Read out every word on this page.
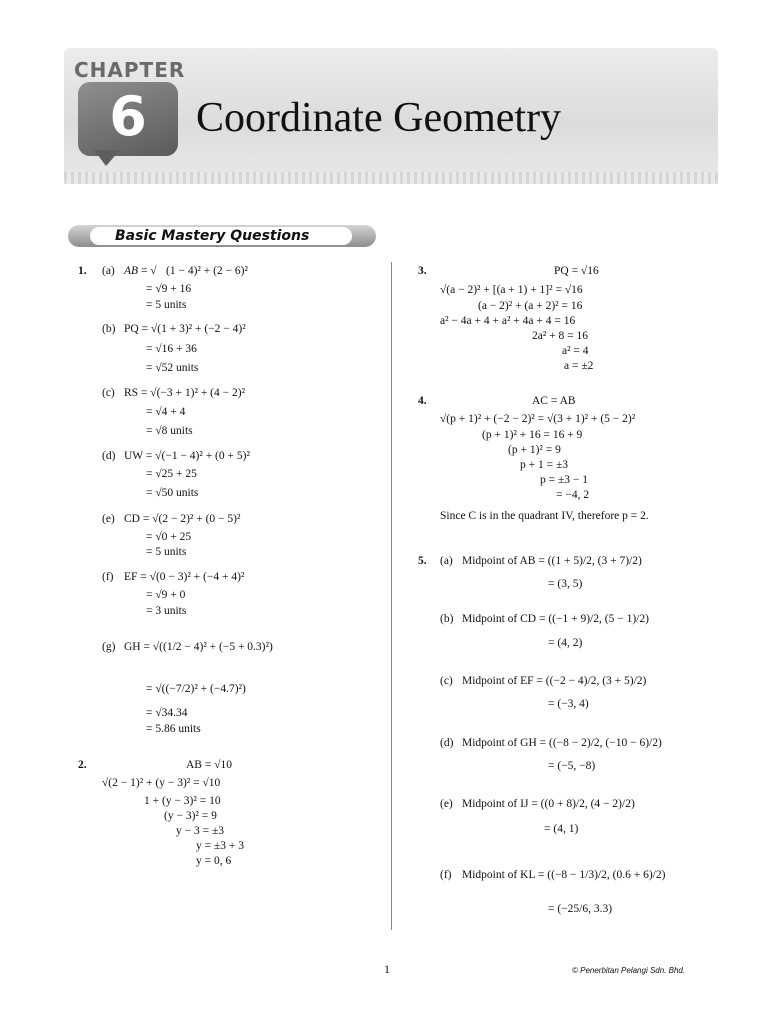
CHAPTER
6	Coordinate Geometry
Basic Mastery Questions
1. (a) AB = √ (1 − 4)² + (2 − 6)²
= √9 + 16
= 5 units
(b) PQ = √(1 + 3)² + (−2 − 4)²
= √16 + 36
= √52 units
(c) RS = √(−3 + 1)² + (4 − 2)²
= √4 + 4
= √8 units
(d) UW = √(−1 − 4)² + (0 + 5)²
= √25 + 25
= √50 units
(e) CD = √(2 − 2)² + (0 − 5)²
= √0 + 25
= 5 units
(f) EF = √(0 − 3)² + (−4 + 4)²
= √9 + 0
= 3 units
(g) GH = √((1/2 − 4)² + (−5 + 0.3)²)
= √((−7/2)² + (−4.7)²)
= √34.34
= 5.86 units
2.	AB = √10
√(2 − 1)² + (y − 3)² = √10
1 + (y − 3)² = 10
(y − 3)² = 9
y − 3 = ±3
y = ±3 + 3
y = 0, 6
3.	PQ = √16
√(a − 2)² + [(a + 1) + 1]² = √16
(a − 2)² + (a + 2)² = 16
a² − 4a + 4 + a² + 4a + 4 = 16
2a² + 8 = 16
a² = 4
a = ±2
4.	AC = AB
√(p + 1)² + (−2 − 2)² = √(3 + 1)² + (5 − 2)²
(p + 1)² + 16 = 16 + 9
(p + 1)² = 9
p + 1 = ±3
p = ±3 − 1
= −4, 2
Since C is in the quadrant IV, therefore p = 2.
5. (a) Midpoint of AB = ((1 + 5)/2, (3 + 7)/2)
= (3, 5)
(b) Midpoint of CD = ((−1 + 9)/2, (5 − 1)/2)
= (4, 2)
(c) Midpoint of EF = ((−2 − 4)/2, (3 + 5)/2)
= (−3, 4)
(d) Midpoint of GH = ((−8 − 2)/2, (−10 − 6)/2)
= (−5, −8)
(e) Midpoint of IJ = ((0 + 8)/2, (4 − 2)/2)
= (4, 1)
(f) Midpoint of KL = ((−8 − 1/3)/2, (0.6 + 6)/2)
= (−25/6, 3.3)
1	© Penerbitan Pelangi Sdn. Bhd.
